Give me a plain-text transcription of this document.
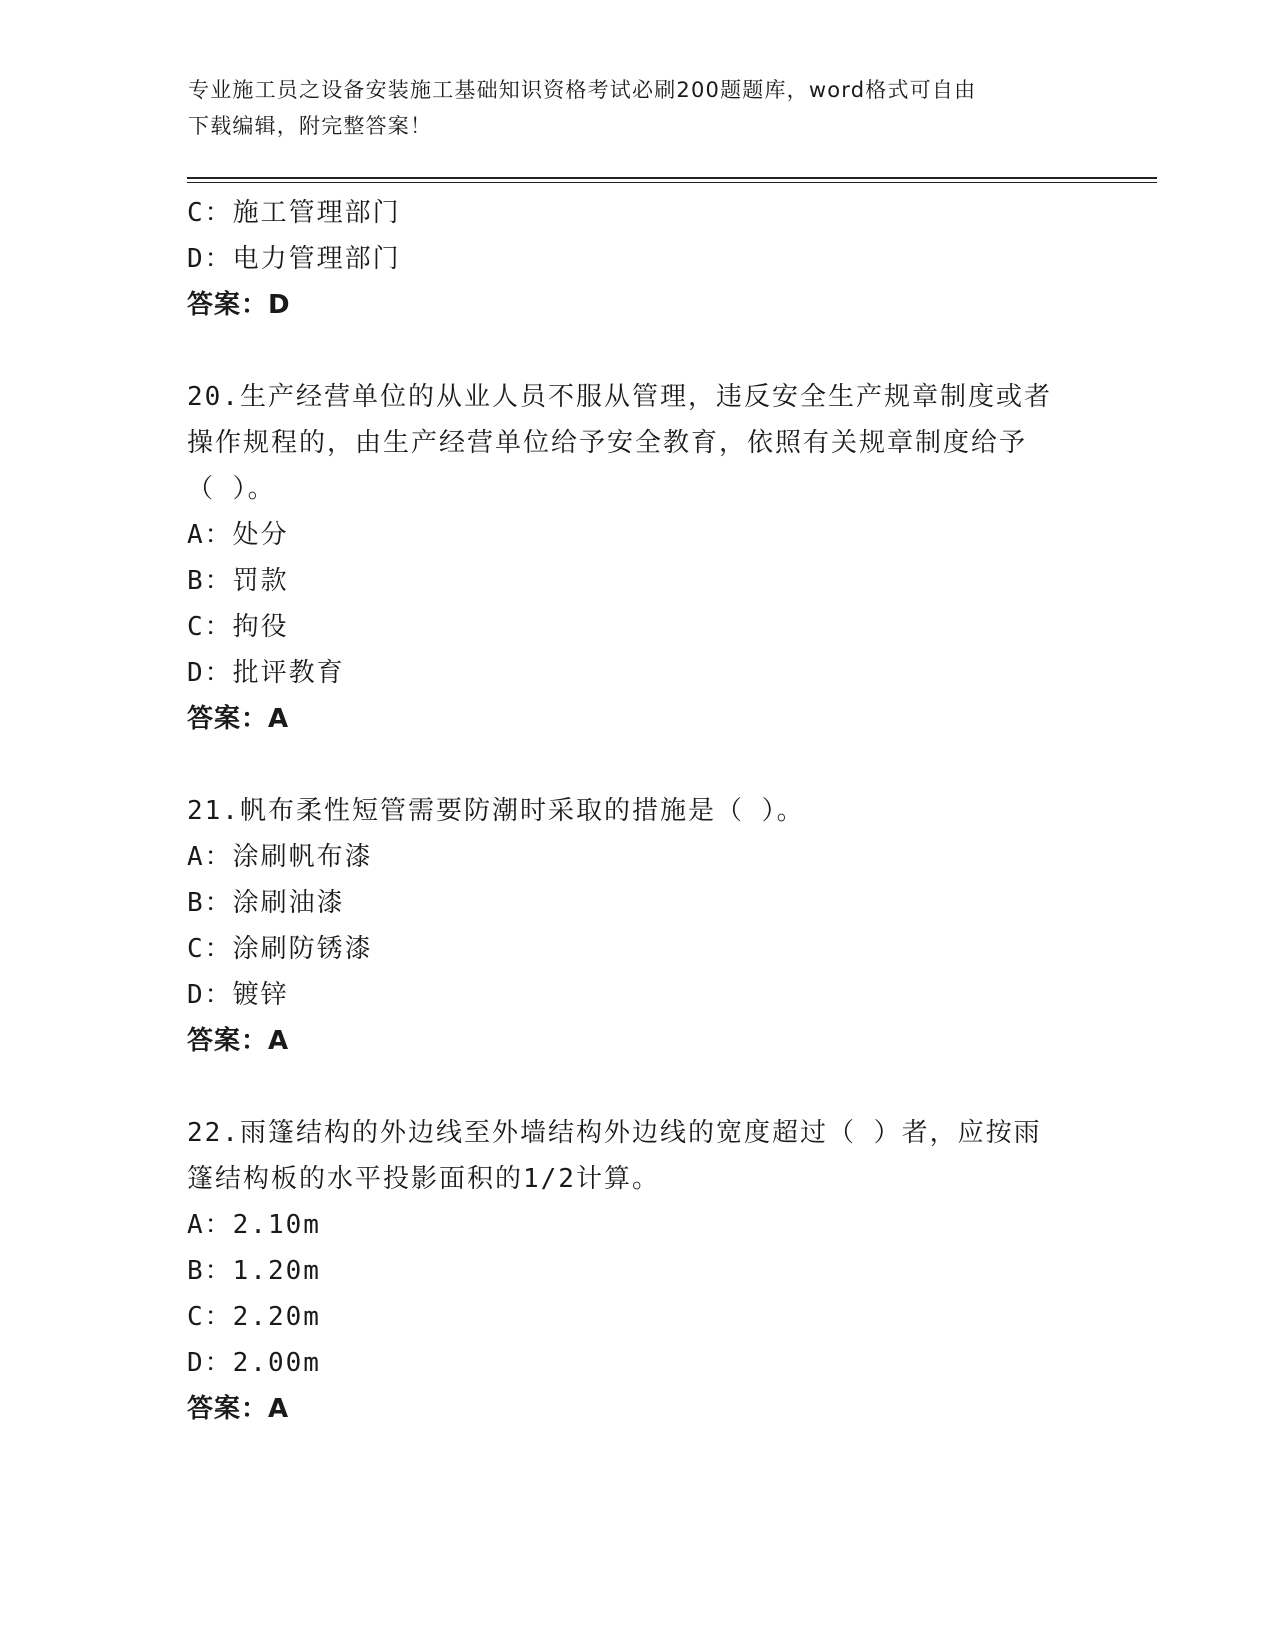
专业施工员之设备安装施工基础知识资格考试必刷200题题库，word格式可自由
下载编辑，附完整答案！
C：施工管理部门
D：电力管理部门
答案：D
20.生产经营单位的从业人员不服从管理，违反安全生产规章制度或者
操作规程的，由生产经营单位给予安全教育，依照有关规章制度给予
（ ）。
A：处分
B：罚款
C：拘役
D：批评教育
答案：A
21.帆布柔性短管需要防潮时采取的措施是（ ）。
A：涂刷帆布漆
B：涂刷油漆
C：涂刷防锈漆
D：镀锌
答案：A
22.雨篷结构的外边线至外墙结构外边线的宽度超过（ ）者，应按雨
篷结构板的水平投影面积的1/2计算。
A：2.10m
B：1.20m
C：2.20m
D：2.00m
答案：A
